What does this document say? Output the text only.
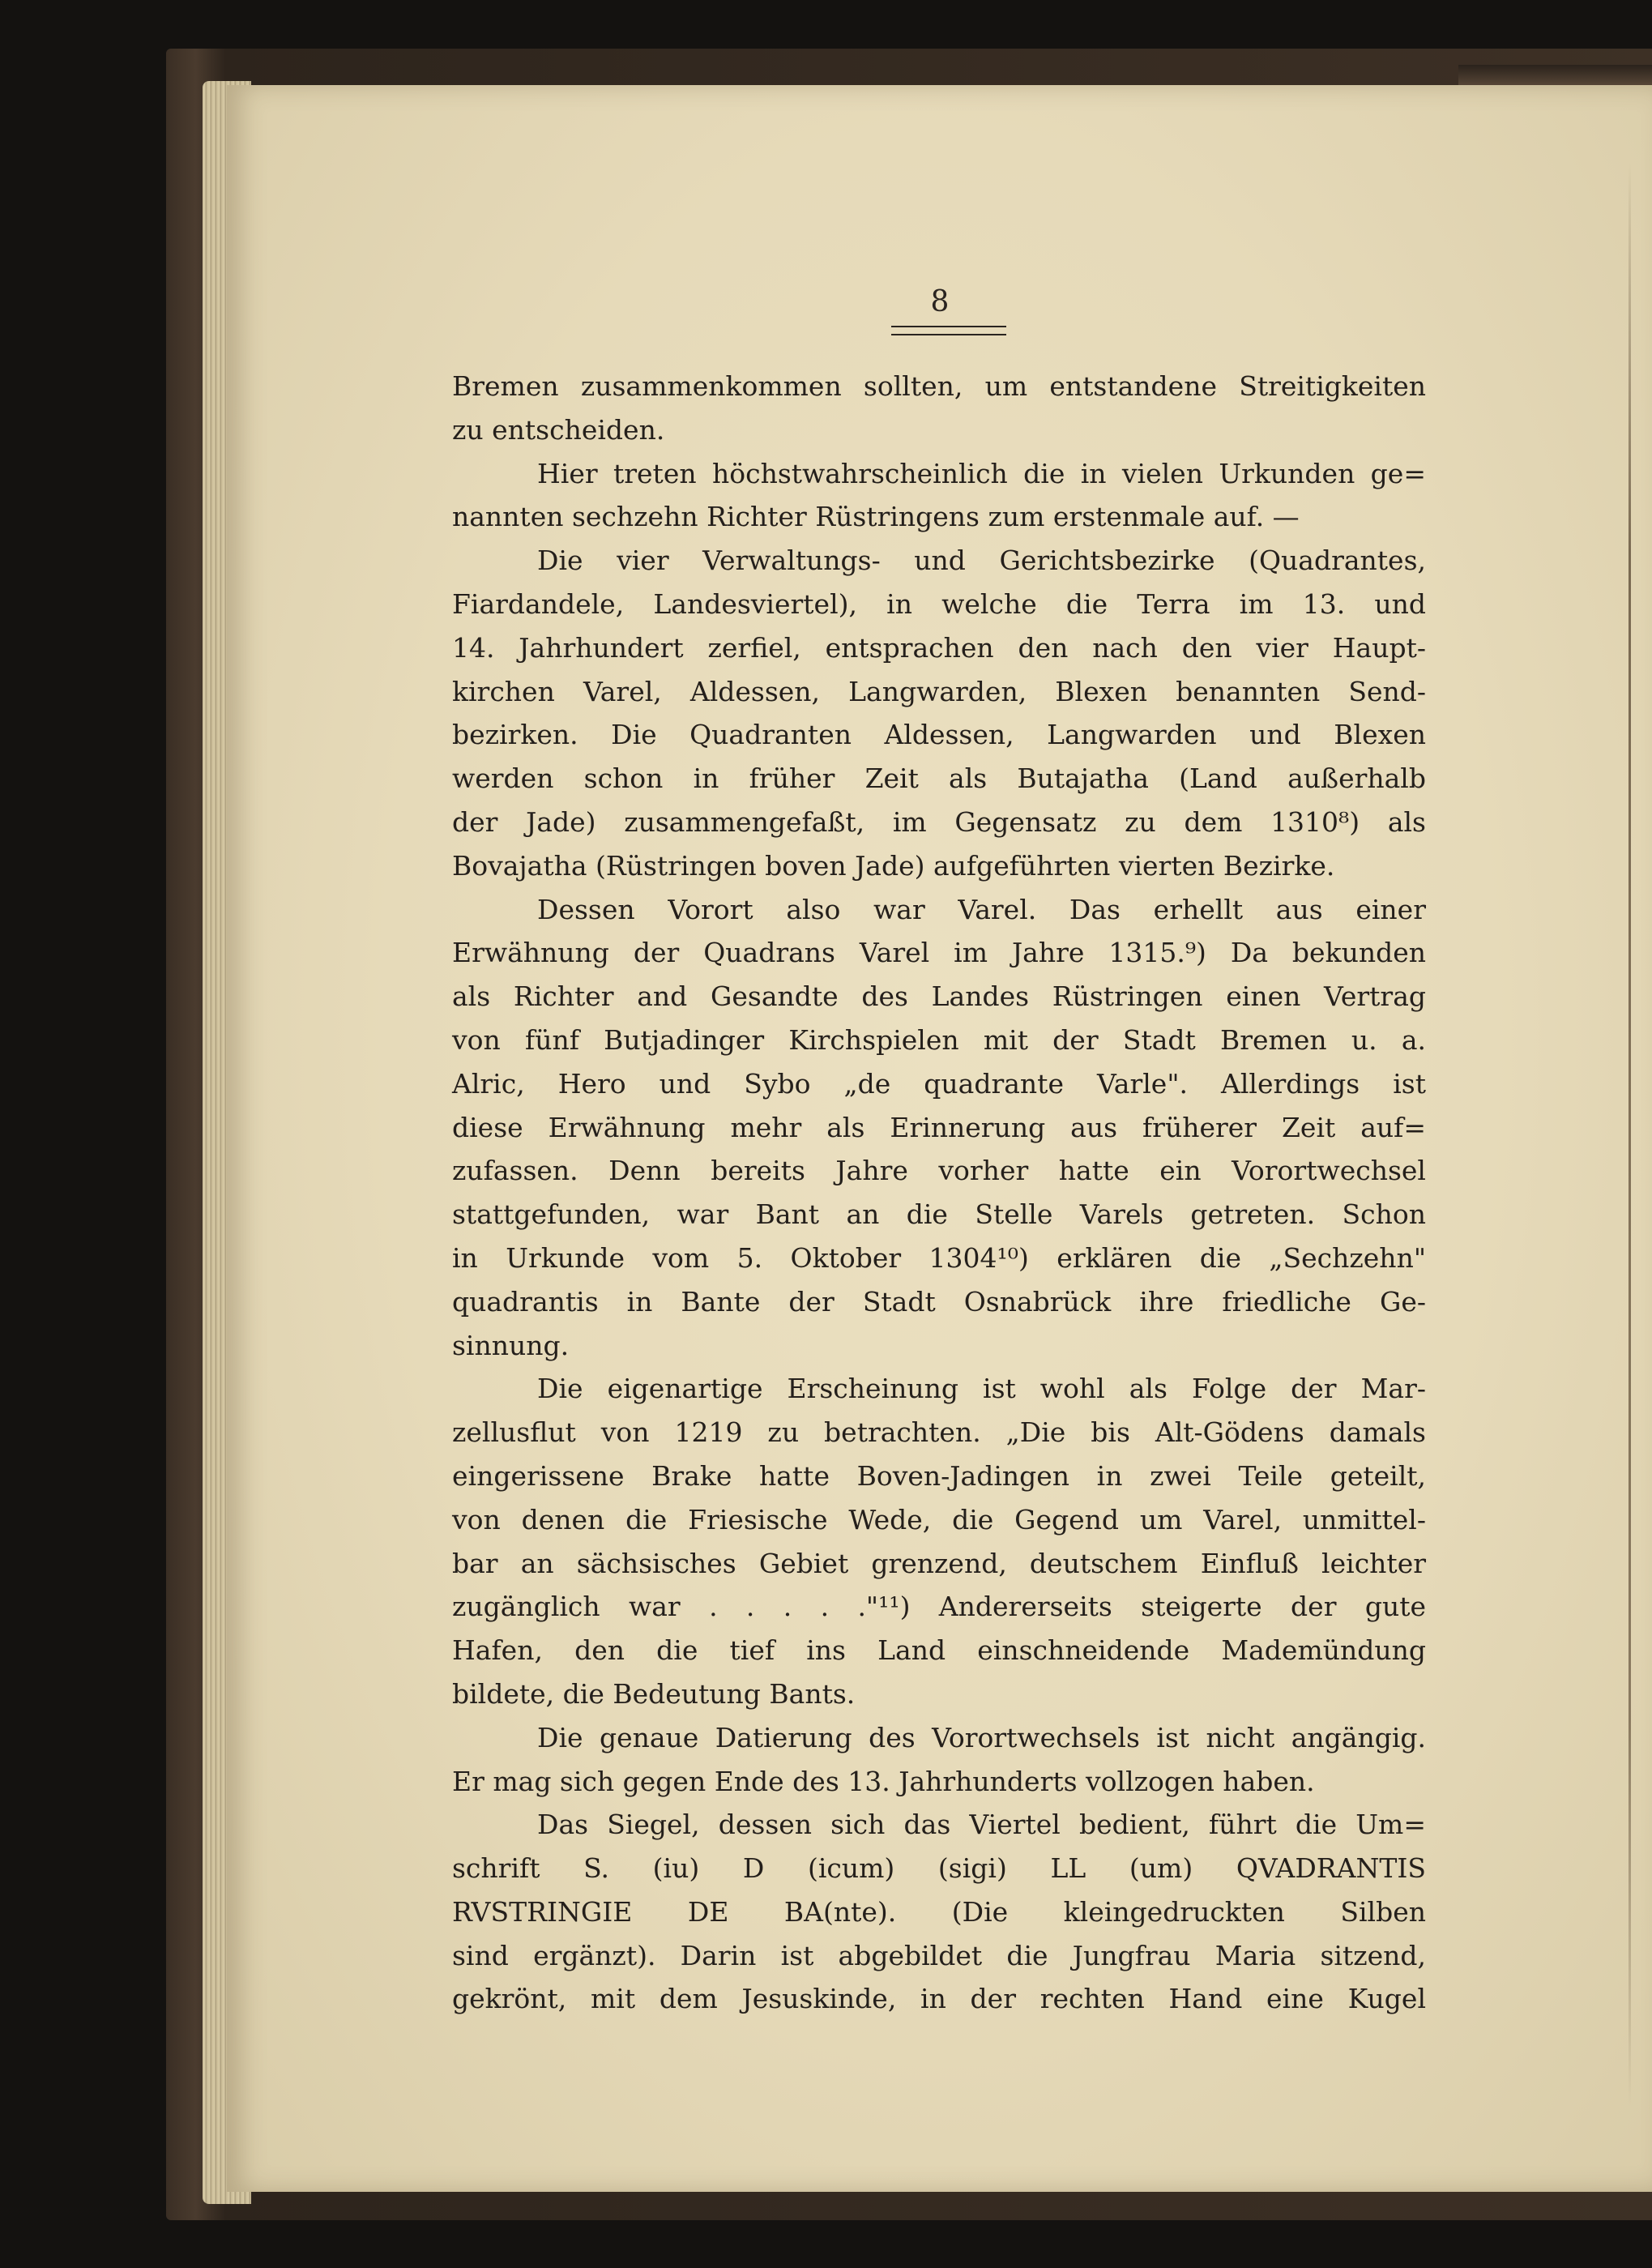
8
Bremen zusammenkommen sollten, um entstandene Streitigkeiten
zu entscheiden.
Hier treten höchstwahrscheinlich die in vielen Urkunden ge=
nannten sechzehn Richter Rüstringens zum erstenmale auf. —
Die vier Verwaltungs- und Gerichtsbezirke (Quadrantes,
Fiardandele, Landesviertel), in welche die Terra im 13. und
14. Jahrhundert zerfiel, entsprachen den nach den vier Haupt-
kirchen Varel, Aldessen, Langwarden, Blexen benannten Send-
bezirken. Die Quadranten Aldessen, Langwarden und Blexen
werden schon in früher Zeit als Butajatha (Land außerhalb
der Jade) zusammengefaßt, im Gegensatz zu dem 1310⁸) als
Bovajatha (Rüstringen boven Jade) aufgeführten vierten Bezirke.
Dessen Vorort also war Varel. Das erhellt aus einer
Erwähnung der Quadrans Varel im Jahre 1315.⁹) Da bekunden
als Richter and Gesandte des Landes Rüstringen einen Vertrag
von fünf Butjadinger Kirchspielen mit der Stadt Bremen u. a.
Alric, Hero und Sybo „de quadrante Varle". Allerdings ist
diese Erwähnung mehr als Erinnerung aus früherer Zeit auf=
zufassen. Denn bereits Jahre vorher hatte ein Vorortwechsel
stattgefunden, war Bant an die Stelle Varels getreten. Schon
in Urkunde vom 5. Oktober 1304¹⁰) erklären die „Sechzehn"
quadrantis in Bante der Stadt Osnabrück ihre friedliche Ge-
sinnung.
Die eigenartige Erscheinung ist wohl als Folge der Mar-
zellusflut von 1219 zu betrachten. „Die bis Alt-Gödens damals
eingerissene Brake hatte Boven-Jadingen in zwei Teile geteilt,
von denen die Friesische Wede, die Gegend um Varel, unmittel-
bar an sächsisches Gebiet grenzend, deutschem Einfluß leichter
zugänglich war . . . . ."¹¹) Andererseits steigerte der gute
Hafen, den die tief ins Land einschneidende Mademündung
bildete, die Bedeutung Bants.
Die genaue Datierung des Vorortwechsels ist nicht angängig.
Er mag sich gegen Ende des 13. Jahrhunderts vollzogen haben.
Das Siegel, dessen sich das Viertel bedient, führt die Um=
schrift S. (iu) D (icum) (sigi) LL (um) QVADRANTIS
RVSTRINGIE DE BA(nte). (Die kleingedruckten Silben
sind ergänzt). Darin ist abgebildet die Jungfrau Maria sitzend,
gekrönt, mit dem Jesuskinde, in der rechten Hand eine Kugel
